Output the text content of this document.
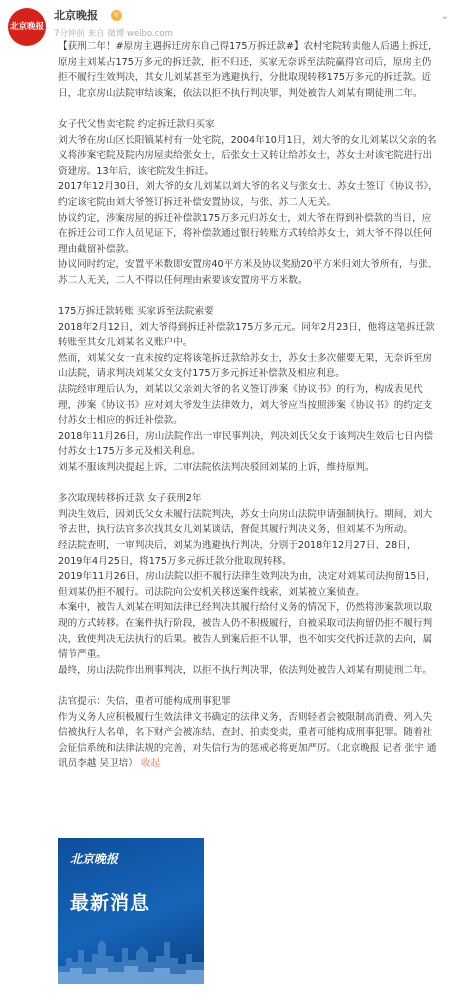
北京晚报
北京晚报	V
7分钟前 来自 微博 weibo.com
⌄

【获刑二年！#原房主遇拆迁房东自己得175万拆迁款#】农村宅院转卖他人后遇上拆迁，原房主刘某占175万多元的拆迁款，拒不归还，买家无奈诉至法院赢得官司后，原房主仍拒不履行生效判决，其女儿刘某甚至为逃避执行，分批取现转移175万多元的拆迁款。近日，北京房山法院审结该案，依法以拒不执行判决罪，判处被告人刘某有期徒刑二年。

女子代父售卖宅院 约定拆迁款归买家

刘大爷在房山区长阳镇某村有一处宅院，2004年10月1日，刘大爷的女儿刘某以父亲的名义将涉案宅院及院内房屋卖给张女士，后张女士又转让给苏女士，苏女士对该宅院进行出资建房。13年后，该宅院发生拆迁。

2017年12月30日，刘大爷的女儿刘某以刘大爷的名义与张女士、苏女士签订《协议书》，约定该宅院由刘大爷签订拆迁补偿安置协议，与张、苏二人无关。

协议约定，涉案房屋的拆迁补偿款175万多元归苏女士，刘大爷在得到补偿款的当日，应在拆迁公司工作人员见证下，将补偿款通过银行转账方式转给苏女士，刘大爷不得以任何理由截留补偿款。

协议同时约定，安置平米数即安置房40平方米及协议奖励20平方米归刘大爷所有，与张、苏二人无关，二人不得以任何理由索要该安置房平方米数。

175万拆迁款转账 买家诉至法院索要

2018年2月12日，刘大爷得到拆迁补偿款175万多元元。同年2月23日，他将这笔拆迁款转账至其女儿刘某名义账户中。

然而，刘某父女一直未按约定将该笔拆迁款给苏女士，苏女士多次催要无果，无奈诉至房山法院，请求判决刘某父女支付175万多元拆迁补偿款及相应利息。

法院经审理后认为，刘某以父亲刘大爷的名义签订涉案《协议书》的行为，构成表见代理，涉案《协议书》应对刘大爷发生法律效力，刘大爷应当按照涉案《协议书》的约定支付苏女士相应的拆迁补偿款。

2018年11月26日，房山法院作出一审民事判决，判决刘氏父女于该判决生效后七日内偿付苏女士175万多元及相关利息。

刘某不服该判决提起上诉，二审法院依法判决驳回刘某的上诉，维持原判。

多次取现转移拆迁款 女子获刑2年

判决生效后，因刘氏父女未履行法院判决，苏女士向房山法院申请强制执行。期间，刘大爷去世，执行法官多次找其女儿刘某谈话，督促其履行判决义务，但刘某不为所动。

经法院查明，一审判决后，刘某为逃避执行判决，分别于2018年12月27日、28日，2019年4月25日，将175万多元拆迁款分批取现转移。

2019年11月26日，房山法院以拒不履行法律生效判决为由，决定对刘某司法拘留15日，但刘某仍拒不履行。司法院向公安机关移送案件线索，刘某被立案侦查。

本案中，被告人刘某在明知法律已经判决其履行给付义务的情况下，仍然将涉案款项以取现的方式转移。在案件执行阶段，被告人仍不积极履行，自被采取司法拘留仍拒不履行判决，致使判决无法执行的后果。被告人到案后拒不认罪，也不如实交代拆迁款的去向，属情节严重。

最终，房山法院作出刑事判决，以拒不执行判决罪，依法判处被告人刘某有期徒刑二年。

法官提示：失信，重者可能构成刑事犯罪

作为义务人应积极履行生效法律文书确定的法律义务，否则轻者会被限制高消费、列入失信被执行人名单，名下财产会被冻结、查封、拍卖变卖，重者可能构成刑事犯罪。随着社会征信系统和法律法规的完善，对失信行为的惩戒必将更加严厉。（北京晚报 记者 张宇 通讯员李越 吴卫培） 收起

北京晚报
最新消息
